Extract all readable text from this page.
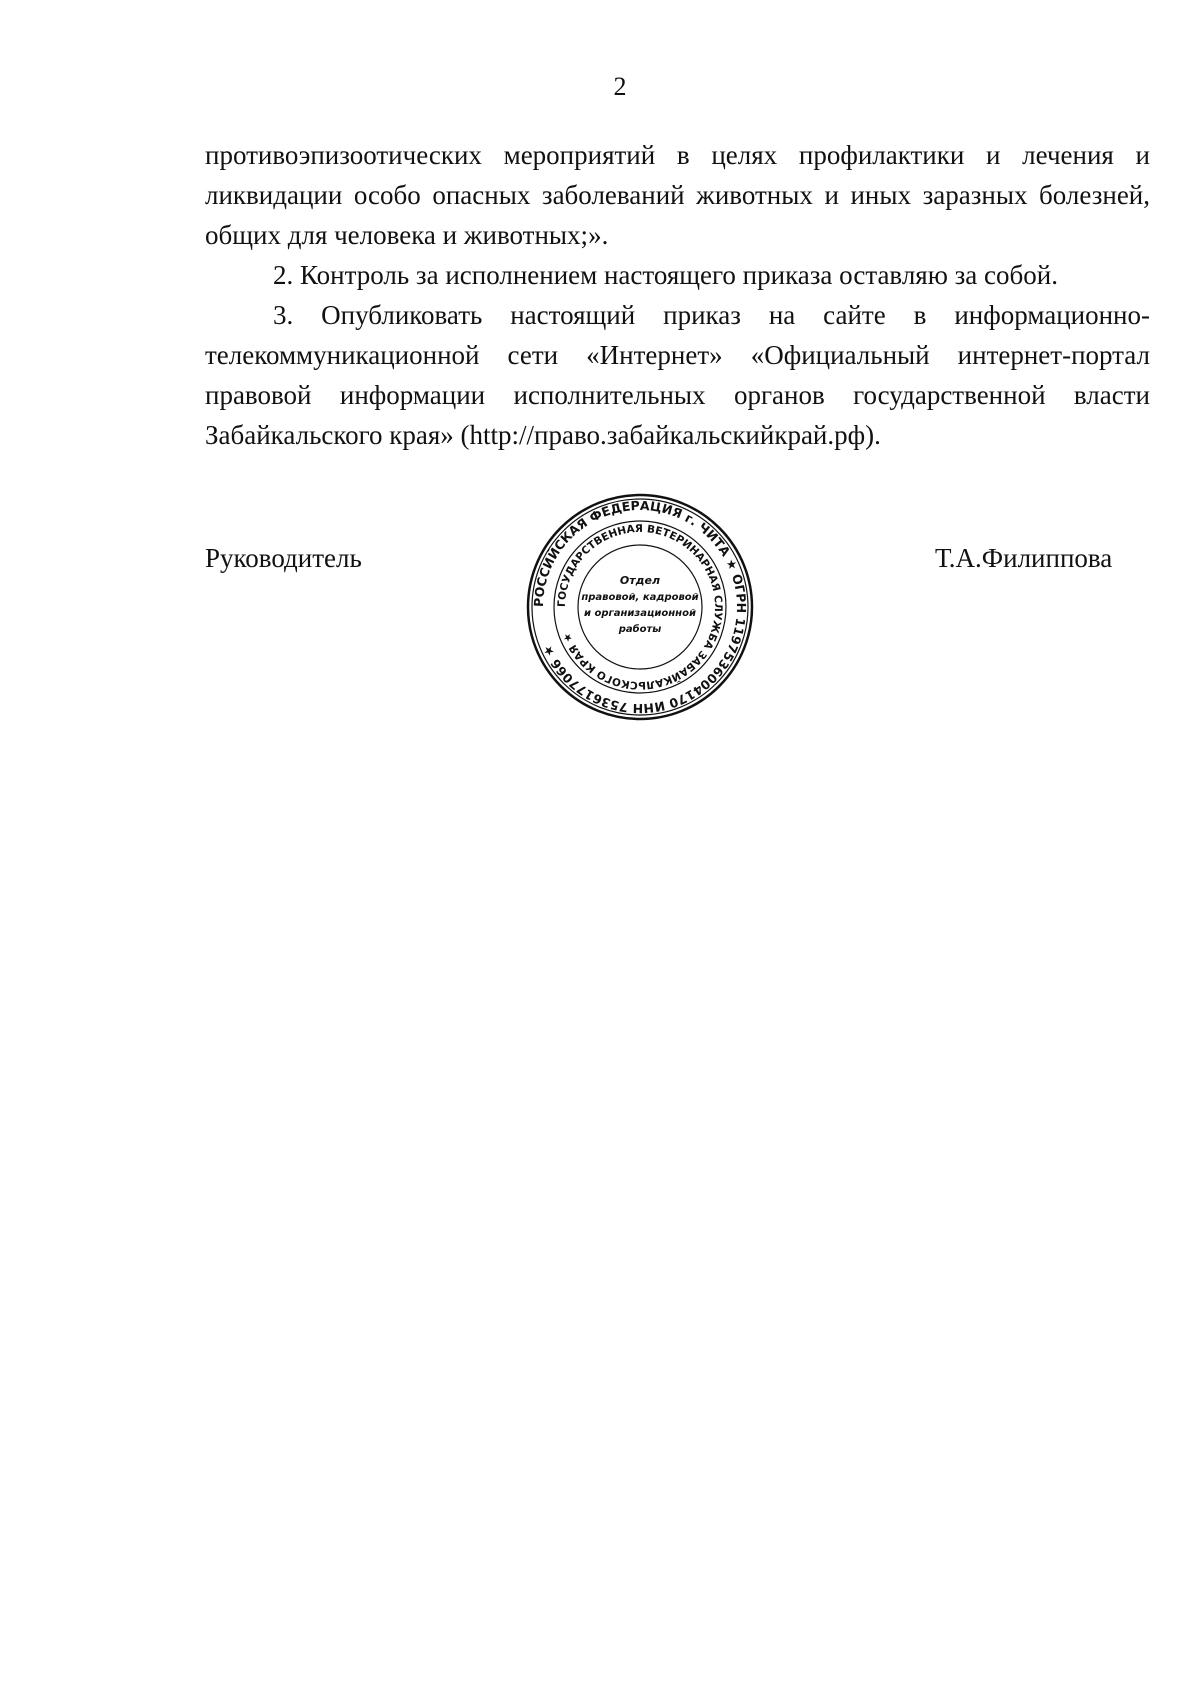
2

противоэпизоотических мероприятий в целях профилактики и лечения и ликвидации особо опасных заболеваний животных и иных заразных болезней, общих для человека и животных;».

2. Контроль за исполнением настоящего приказа оставляю за собой.

3. Опубликовать настоящий приказ на сайте в информационно-телекоммуникационной сети «Интернет» «Официальный интернет-портал правовой информации исполнительных органов государственной власти Забайкальского края» (http://право.забайкальскийкрай.рф).

Руководитель
РОССИЙСКАЯ ФЕДЕРАЦИЯ г. ЧИТА ★ ОГРН 1197536004170 ИНН 7536177066 ★
ГОСУДАРСТВЕННАЯ ВЕТЕРИНАРНАЯ СЛУЖБА ЗАБАЙКАЛЬСКОГО КРАЯ ★
Отдел
правовой, кадровой
и организационной
работы
Т.А.Филиппова
